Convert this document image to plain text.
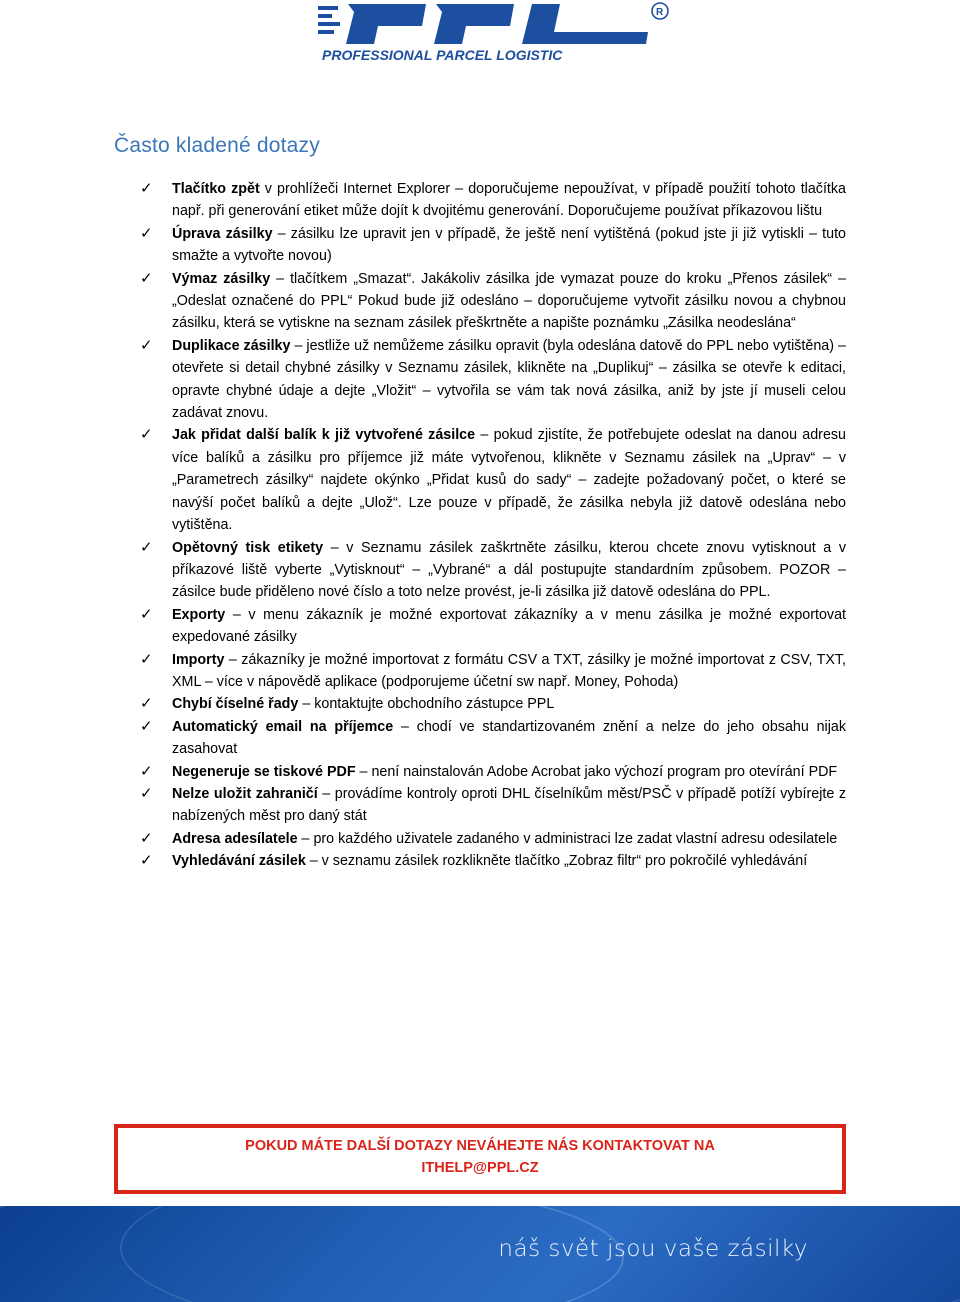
PROFESSIONAL PARCEL LOGISTIC
R
Často kladené dotazy
✓ Tlačítko zpět v prohlížeči Internet Explorer – doporučujeme nepoužívat, v případě použití tohoto tlačítka např. při generování etiket může dojít k dvojitému generování. Doporučujeme používat příkazovou lištu
✓ Úprava zásilky – zásilku lze upravit jen v případě, že ještě není vytištěná (pokud jste ji již vytiskli – tuto smažte a vytvořte novou)
✓ Výmaz zásilky – tlačítkem „Smazat“. Jakákoliv zásilka jde vymazat pouze do kroku „Přenos zásilek“ – „Odeslat označené do PPL“ Pokud bude již odesláno – doporučujeme vytvořit zásilku novou a chybnou zásilku, která se vytiskne na seznam zásilek přeškrtněte a napište poznámku „Zásilka neodeslána“
✓ Duplikace zásilky – jestliže už nemůžeme zásilku opravit (byla odeslána datově do PPL nebo vytištěna) – otevřete si detail chybné zásilky v Seznamu zásilek, klikněte na „Duplikuj“ – zásilka se otevře k editaci, opravte chybné údaje a dejte „Vložit“ – vytvořila se vám tak nová zásilka, aniž by jste jí museli celou zadávat znovu.
✓ Jak přidat další balík k již vytvořené zásilce – pokud zjistíte, že potřebujete odeslat na danou adresu více balíků a zásilku pro příjemce již máte vytvořenou, klikněte v Seznamu zásilek na „Uprav“ – v „Parametrech zásilky“ najdete okýnko „Přidat kusů do sady“ – zadejte požadovaný počet, o které se navýší počet balíků a dejte „Ulož“. Lze pouze v případě, že zásilka nebyla již datově odeslána nebo vytištěna.
✓ Opětovný tisk etikety – v Seznamu zásilek zaškrtněte zásilku, kterou chcete znovu vytisknout a v příkazové liště vyberte „Vytisknout“ – „Vybrané“ a dál postupujte standardním způsobem. POZOR – zásilce bude přiděleno nové číslo a toto nelze provést, je-li zásilka již datově odeslána do PPL.
✓ Exporty – v menu zákazník je možné exportovat zákazníky a v menu zásilka je možné exportovat expedované zásilky
✓ Importy – zákazníky je možné importovat z formátu CSV a TXT, zásilky je možné importovat z CSV, TXT, XML – více v nápovědě aplikace (podporujeme účetní sw např. Money, Pohoda)
✓ Chybí číselné řady – kontaktujte obchodního zástupce PPL
✓ Automatický email na příjemce – chodí ve standartizovaném znění a nelze do jeho obsahu nijak zasahovat
✓ Negeneruje se tiskové PDF – není nainstalován Adobe Acrobat jako výchozí program pro otevírání PDF
✓ Nelze uložit zahraničí – provádíme kontroly oproti DHL číselníkům měst/PSČ v případě potíží vybírejte z nabízených měst pro daný stát
✓ Adresa adesílatele – pro každého uživatele zadaného v administraci lze zadat vlastní adresu odesilatele
✓ Vyhledávání zásilek – v seznamu zásilek rozklikněte tlačítko „Zobraz filtr“ pro pokročilé vyhledávání
POKUD MÁTE DALŠÍ DOTAZY NEVÁHEJTE NÁS KONTAKTOVAT NA
ITHELP@PPL.CZ
náš svět jsou vaše zásilky
